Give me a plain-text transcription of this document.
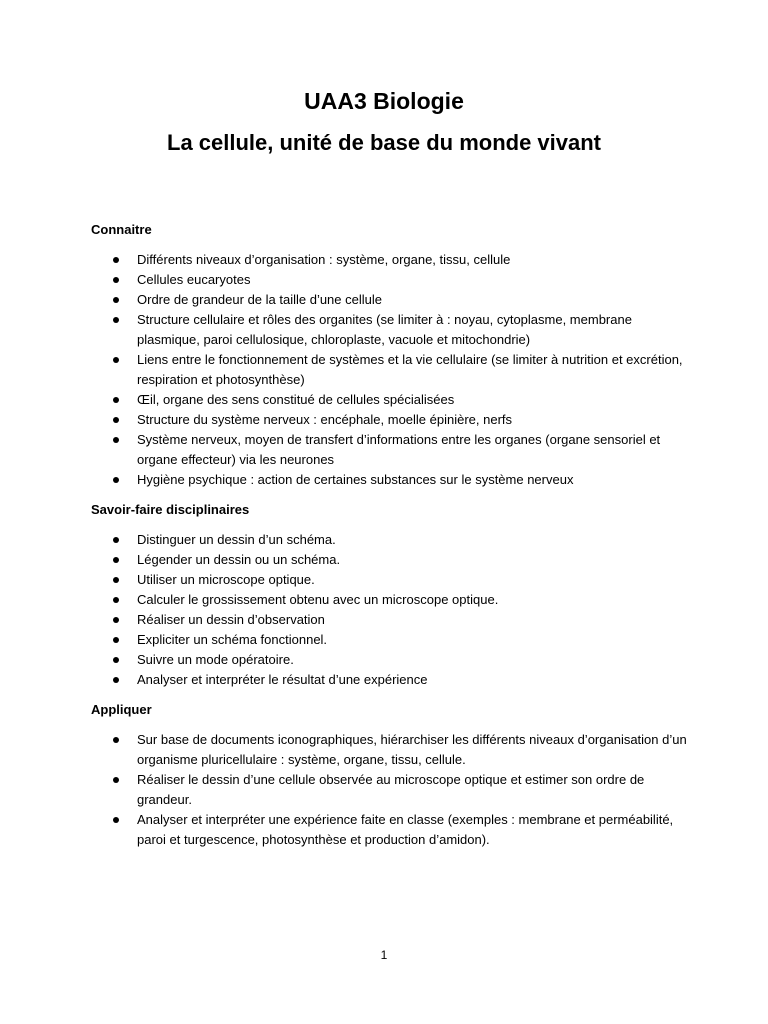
UAA3 Biologie
La cellule, unité de base du monde vivant

Connaitre

Différents niveaux d’organisation : système, organe, tissu, cellule
Cellules eucaryotes
Ordre de grandeur de la taille d’une cellule
Structure cellulaire et rôles des organites (se limiter à : noyau, cytoplasme, membrane plasmique, paroi cellulosique, chloroplaste, vacuole et mitochondrie)
Liens entre le fonctionnement de systèmes et la vie cellulaire (se limiter à nutrition et excrétion, respiration et photosynthèse)
Œil, organe des sens constitué de cellules spécialisées
Structure du système nerveux : encéphale, moelle épinière, nerfs
Système nerveux, moyen de transfert d’informations entre les organes (organe sensoriel et organe effecteur) via les neurones
Hygiène psychique : action de certaines substances sur le système nerveux

Savoir-faire disciplinaires

Distinguer un dessin d’un schéma.
Légender un dessin ou un schéma.
Utiliser un microscope optique.
Calculer le grossissement obtenu avec un microscope optique.
Réaliser un dessin d’observation
Expliciter un schéma fonctionnel.
Suivre un mode opératoire.
Analyser et interpréter le résultat d’une expérience

Appliquer

Sur base de documents iconographiques, hiérarchiser les différents niveaux d’organisation d’un organisme pluricellulaire : système, organe, tissu, cellule.
Réaliser le dessin d’une cellule observée au microscope optique et estimer son ordre de grandeur.
Analyser et interpréter une expérience faite en classe (exemples : membrane et perméabilité, paroi et turgescence, photosynthèse et production d’amidon).
1
